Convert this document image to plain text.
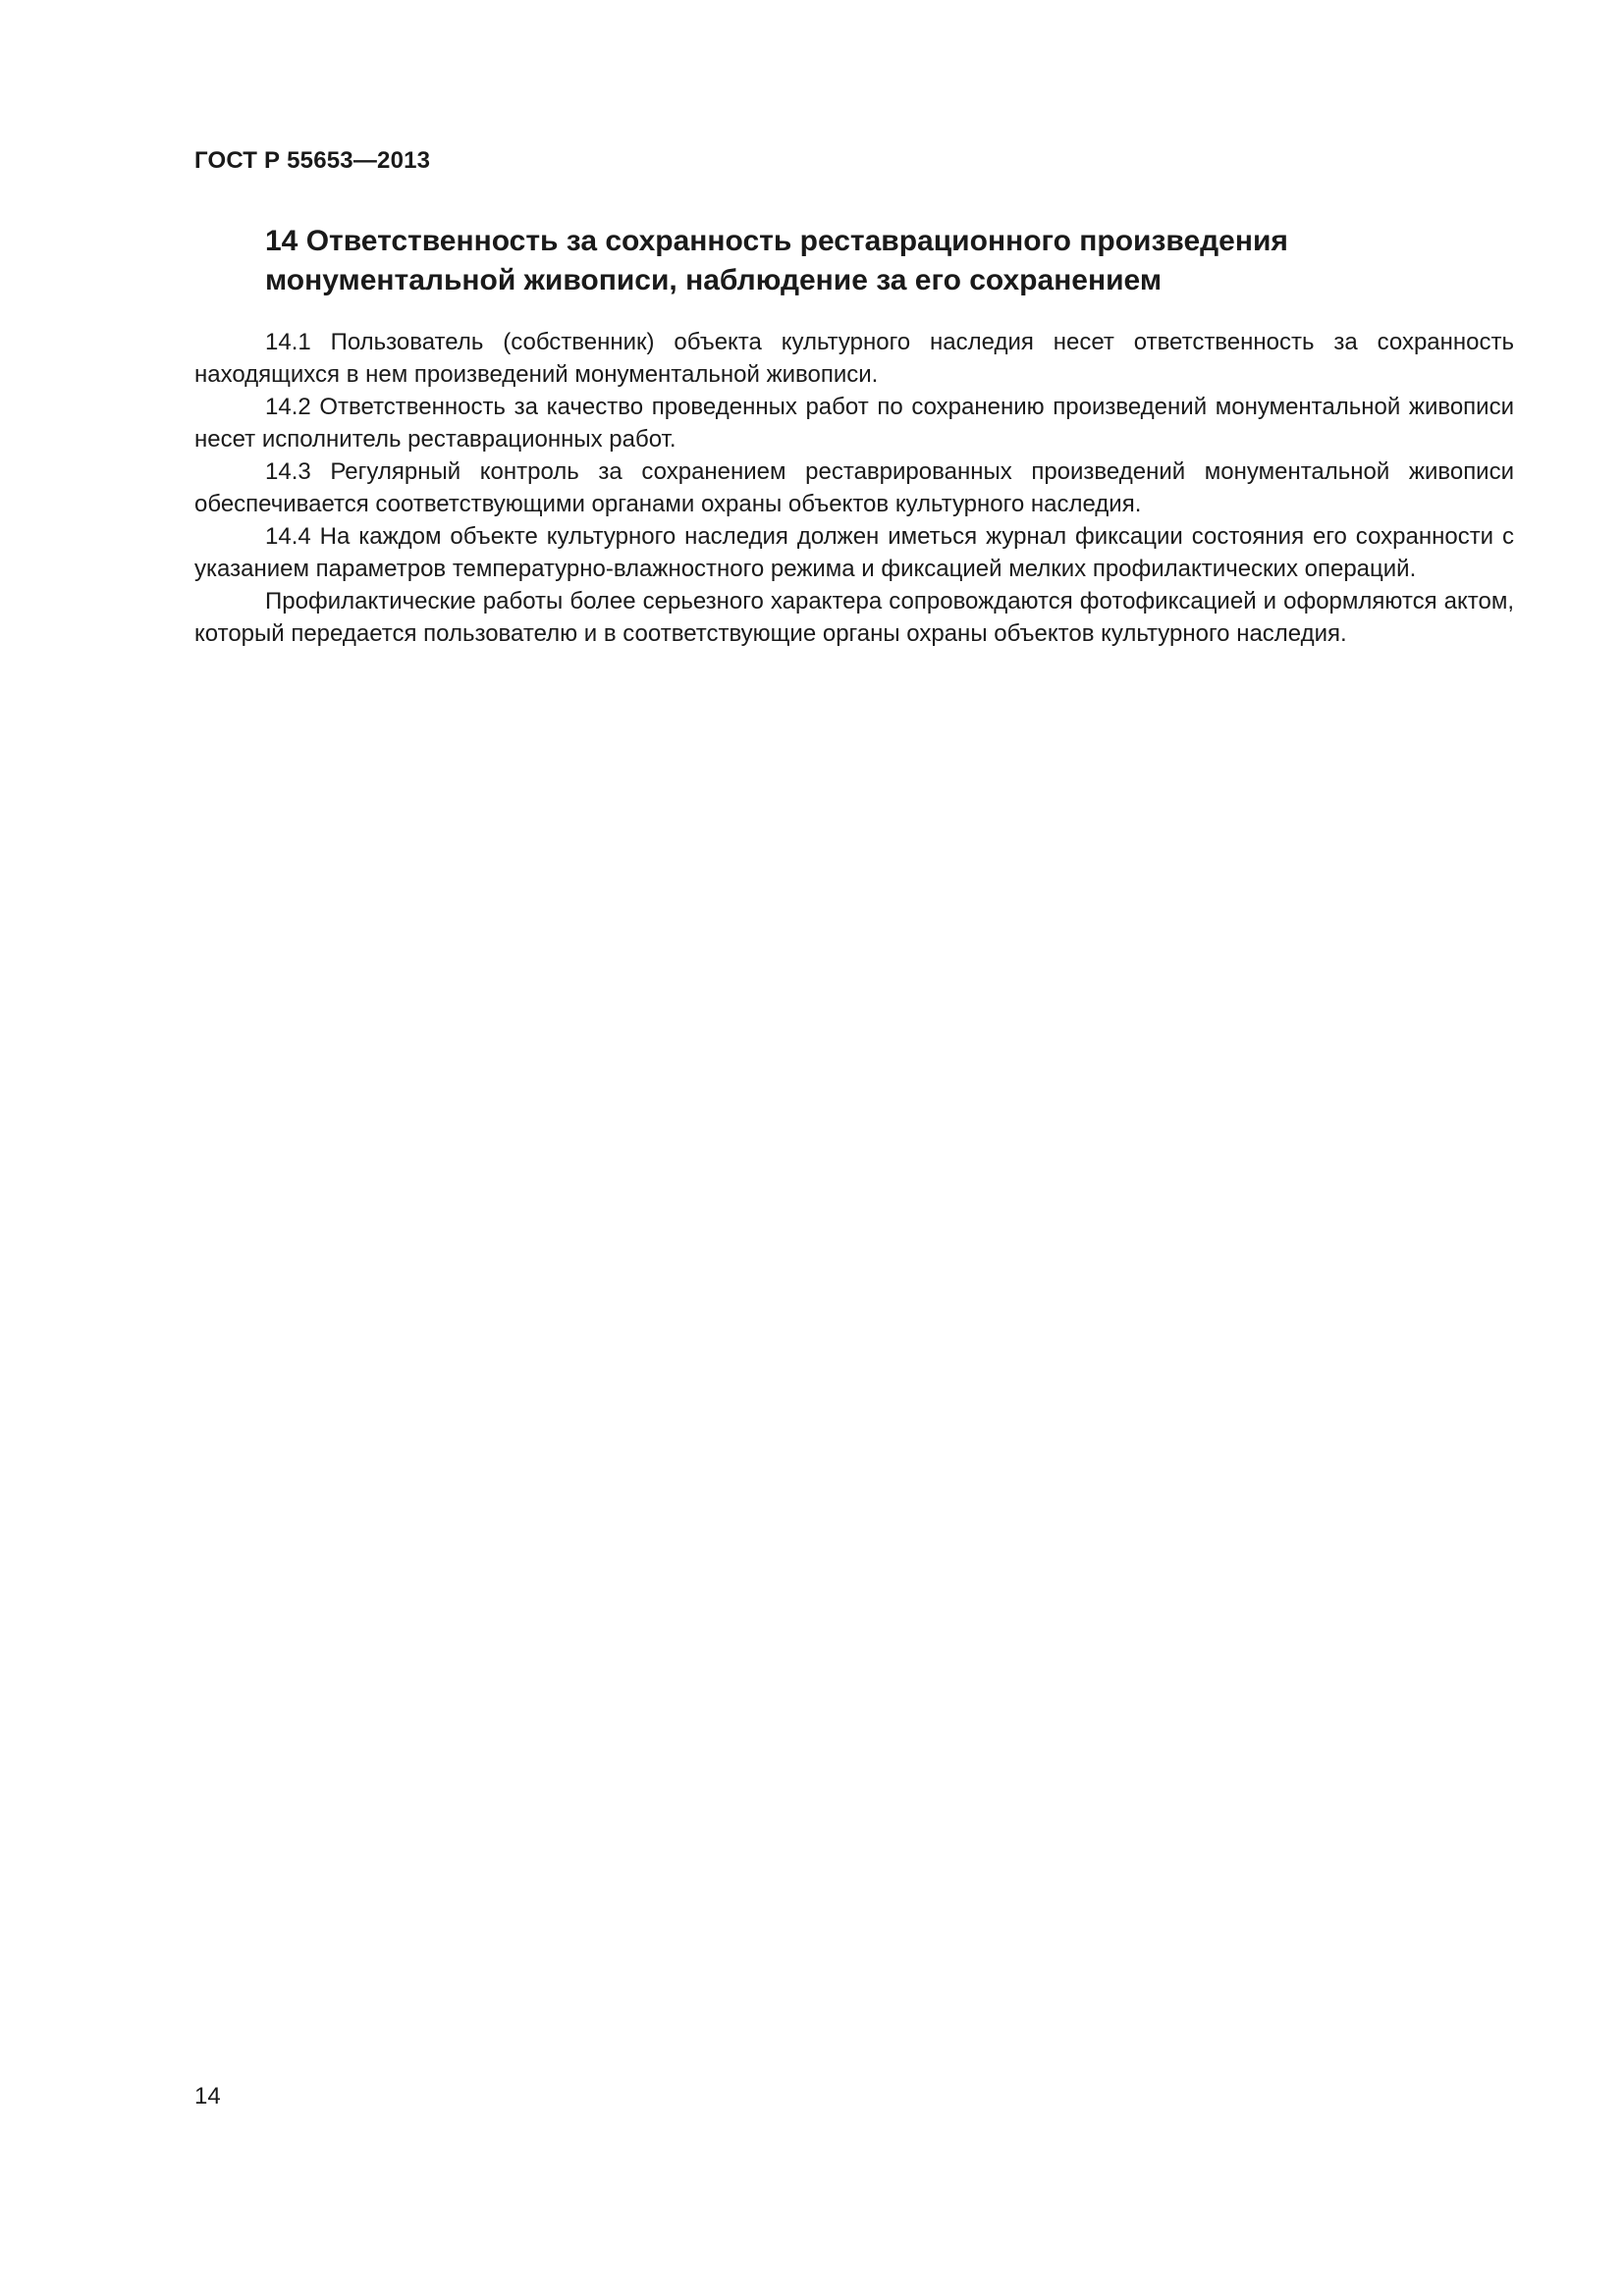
ГОСТ Р 55653—2013
14 Ответственность за сохранность реставрационного произведения
монументальной живописи, наблюдение за его сохранением

14.1 Пользователь (собственник) объекта культурного наследия несет ответственность за сохранность находящихся в нем произведений монументальной живописи.

14.2 Ответственность за качество проведенных работ по сохранению произведений монументальной живописи несет исполнитель реставрационных работ.

14.3 Регулярный контроль за сохранением реставрированных произведений монументальной живописи обеспечивается соответствующими органами охраны объектов культурного наследия.

14.4 На каждом объекте культурного наследия должен иметься журнал фиксации состояния его сохранности с указанием параметров температурно-влажностного режима и фиксацией мелких профилактических операций.

Профилактические работы более серьезного характера сопровождаются фотофиксацией и оформляются актом, который передается пользователю и в соответствующие органы охраны объектов культурного наследия.

14
